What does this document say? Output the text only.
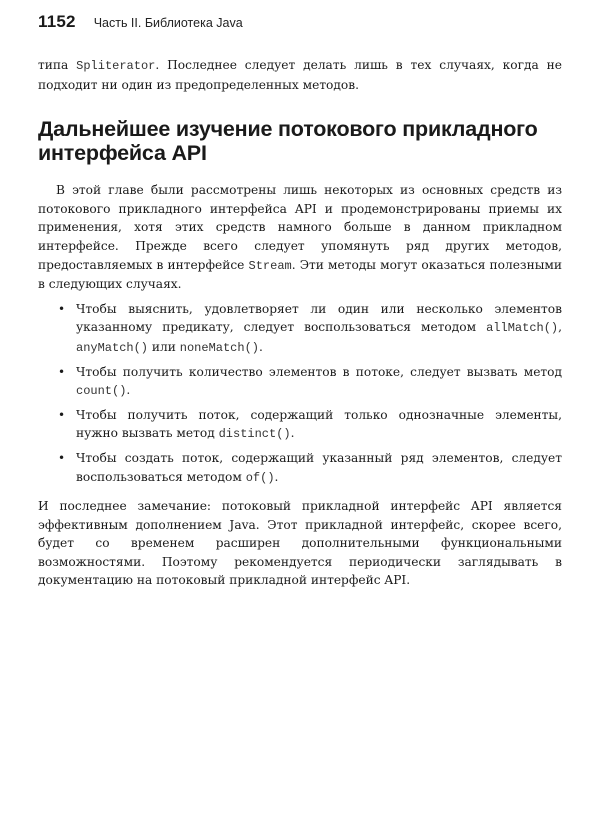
1152 Часть II. Библиотека Java

типа Spliterator. Последнее следует делать лишь в тех случаях, когда не подходит ни один из предопределенных методов.

Дальнейшее изучение потокового прикладного интерфейса API

В этой главе были рассмотрены лишь некоторых из основных средств из потокового прикладного интерфейса API и продемонстрированы приемы их применения, хотя этих средств намного больше в данном прикладном интерфейсе. Прежде всего следует упомянуть ряд других методов, предоставляемых в интерфейсе Stream. Эти методы могут оказаться полезными в следующих случаях.

• Чтобы выяснить, удовлетворяет ли один или несколько элементов указанному предикату, следует воспользоваться методом allMatch(), anyMatch() или noneMatch().
• Чтобы получить количество элементов в потоке, следует вызвать метод count().
• Чтобы получить поток, содержащий только однозначные элементы, нужно вызвать метод distinct().
• Чтобы создать поток, содержащий указанный ряд элементов, следует воспользоваться методом of().

И последнее замечание: потоковый прикладной интерфейс API является эффективным дополнением Java. Этот прикладной интерфейс, скорее всего, будет со временем расширен дополнительными функциональными возможностями. Поэтому рекомендуется периодически заглядывать в документацию на потоковый прикладной интерфейс API.
